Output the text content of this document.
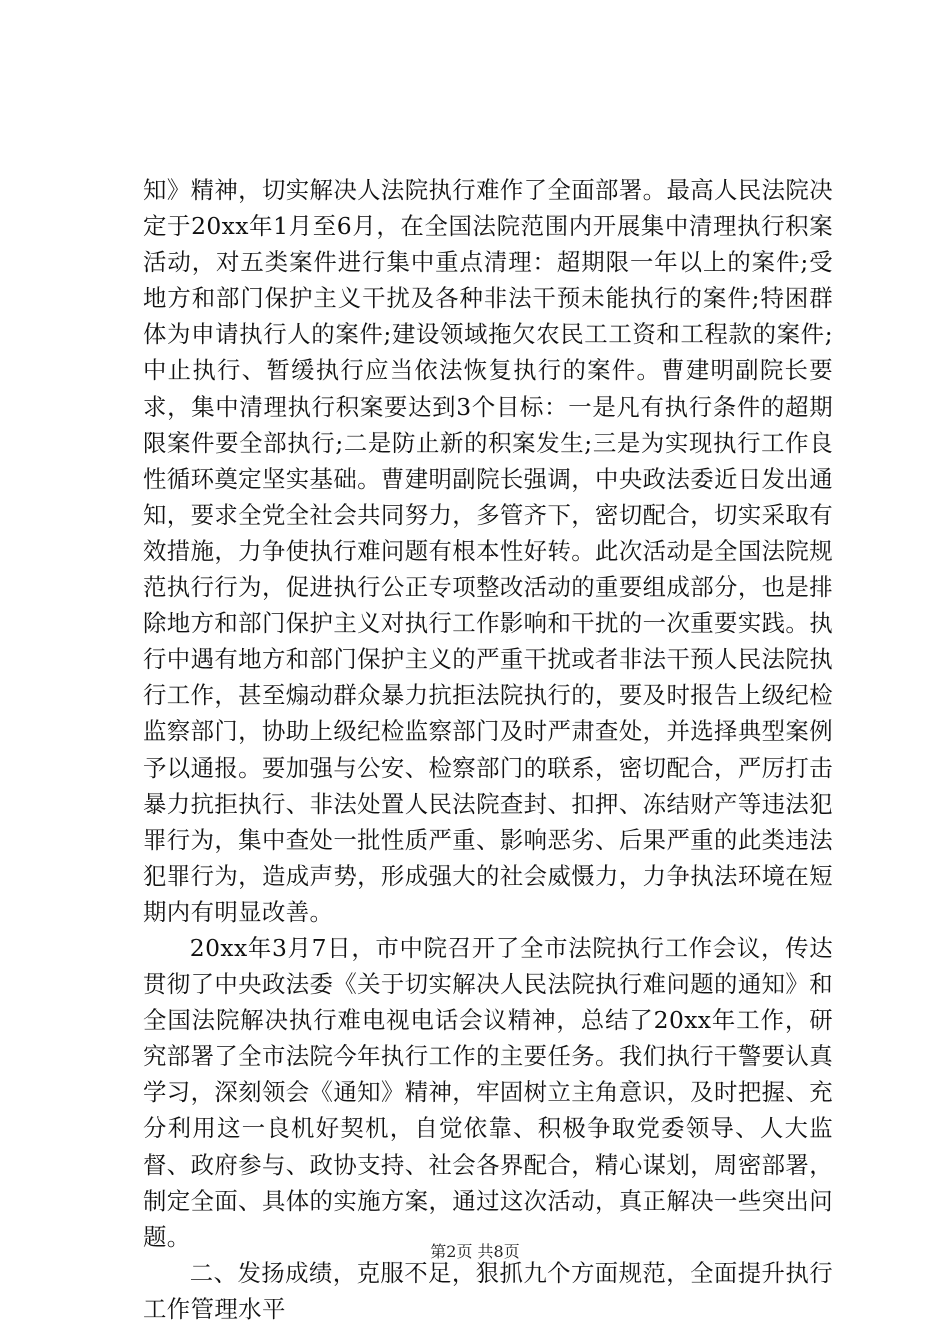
知》精神，切实解决人法院执行难作了全面部署。最高人民法院决定于20xx年1月至6月，在全国法院范围内开展集中清理执行积案活动，对五类案件进行集中重点清理：超期限一年以上的案件;受地方和部门保护主义干扰及各种非法干预未能执行的案件;特困群体为申请执行人的案件;建设领域拖欠农民工工资和工程款的案件;中止执行、暂缓执行应当依法恢复执行的案件。曹建明副院长要求，集中清理执行积案要达到3个目标：一是凡有执行条件的超期限案件要全部执行;二是防止新的积案发生;三是为实现执行工作良性循环奠定坚实基础。曹建明副院长强调，中央政法委近日发出通知，要求全党全社会共同努力，多管齐下，密切配合，切实采取有效措施，力争使执行难问题有根本性好转。此次活动是全国法院规范执行行为，促进执行公正专项整改活动的重要组成部分，也是排除地方和部门保护主义对执行工作影响和干扰的一次重要实践。执行中遇有地方和部门保护主义的严重干扰或者非法干预人民法院执行工作，甚至煽动群众暴力抗拒法院执行的，要及时报告上级纪检监察部门，协助上级纪检监察部门及时严肃查处，并选择典型案例予以通报。要加强与公安、检察部门的联系，密切配合，严厉打击暴力抗拒执行、非法处置人民法院查封、扣押、冻结财产等违法犯罪行为，集中查处一批性质严重、影响恶劣、后果严重的此类违法犯罪行为，造成声势，形成强大的社会威慑力，力争执法环境在短期内有明显改善。

20xx年3月7日，市中院召开了全市法院执行工作会议，传达贯彻了中央政法委《关于切实解决人民法院执行难问题的通知》和全国法院解决执行难电视电话会议精神，总结了20xx年工作，研究部署了全市法院今年执行工作的主要任务。我们执行干警要认真学习，深刻领会《通知》精神，牢固树立主角意识，及时把握、充分利用这一良机好契机，自觉依靠、积极争取党委领导、人大监督、政府参与、政协支持、社会各界配合，精心谋划，周密部署，制定全面、具体的实施方案，通过这次活动，真正解决一些突出问题。

二、发扬成绩，克服不足，狠抓九个方面规范，全面提升执行工作管理水平

第2页 共8页
